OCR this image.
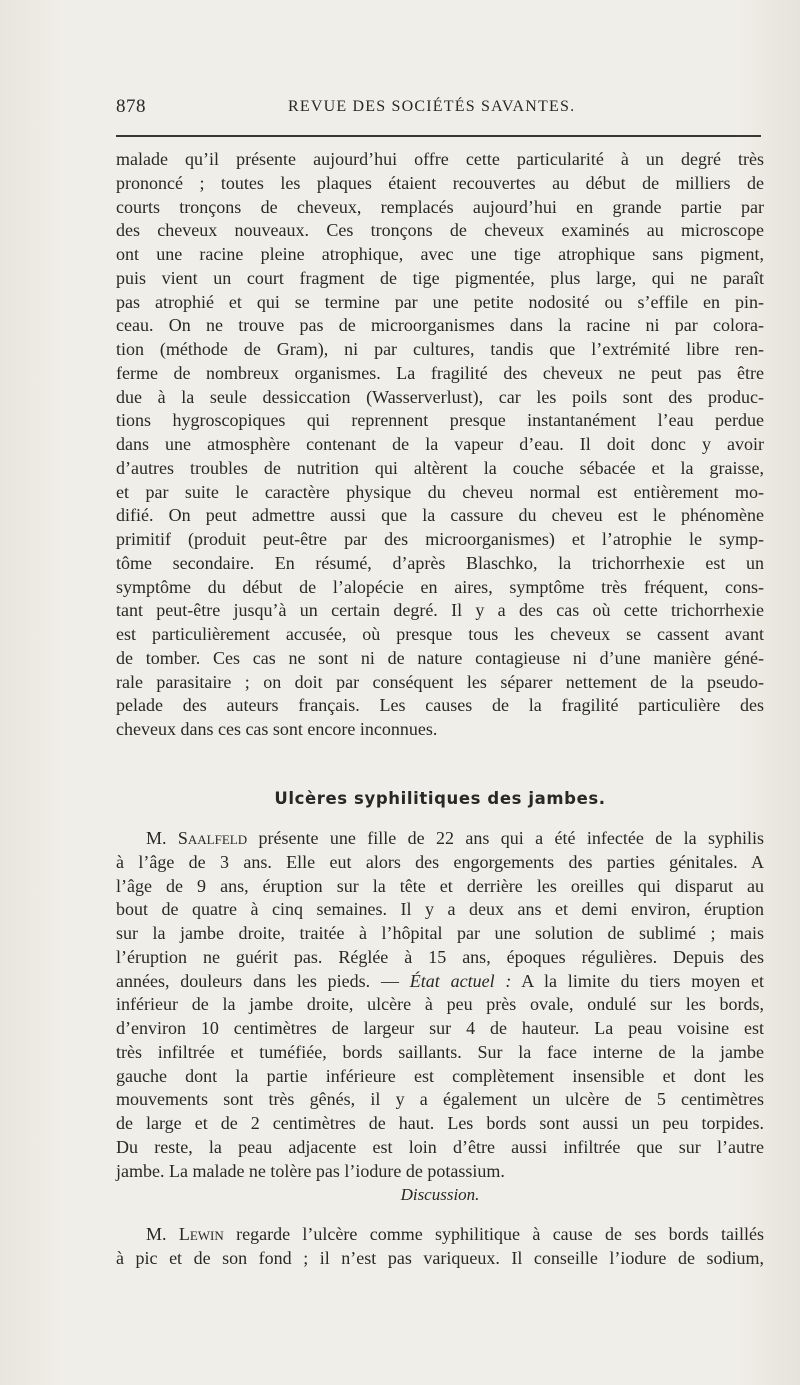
878	REVUE DES SOCIÉTÉS SAVANTES.
malade qu’il présente aujourd’hui offre cette particularité à un degré très
prononcé ; toutes les plaques étaient recouvertes au début de milliers de
courts tronçons de cheveux, remplacés aujourd’hui en grande partie par
des cheveux nouveaux. Ces tronçons de cheveux examinés au microscope
ont une racine pleine atrophique, avec une tige atrophique sans pigment,
puis vient un court fragment de tige pigmentée, plus large, qui ne paraît
pas atrophié et qui se termine par une petite nodosité ou s’effile en pin-
ceau. On ne trouve pas de microorganismes dans la racine ni par colora-
tion (méthode de Gram), ni par cultures, tandis que l’extrémité libre ren-
ferme de nombreux organismes. La fragilité des cheveux ne peut pas être
due à la seule dessiccation (Wasserverlust), car les poils sont des produc-
tions hygroscopiques qui reprennent presque instantanément l’eau perdue
dans une atmosphère contenant de la vapeur d’eau. Il doit donc y avoir
d’autres troubles de nutrition qui altèrent la couche sébacée et la graisse,
et par suite le caractère physique du cheveu normal est entièrement mo-
difié. On peut admettre aussi que la cassure du cheveu est le phénomène
primitif (produit peut-être par des microorganismes) et l’atrophie le symp-
tôme secondaire. En résumé, d’après Blaschko, la trichorrhexie est un
symptôme du début de l’alopécie en aires, symptôme très fréquent, cons-
tant peut-être jusqu’à un certain degré. Il y a des cas où cette trichorrhexie
est particulièrement accusée, où presque tous les cheveux se cassent avant
de tomber. Ces cas ne sont ni de nature contagieuse ni d’une manière géné-
rale parasitaire ; on doit par conséquent les séparer nettement de la pseudo-
pelade des auteurs français. Les causes de la fragilité particulière des
cheveux dans ces cas sont encore inconnues.
Ulcères syphilitiques des jambes.
M. Saalfeld présente une fille de 22 ans qui a été infectée de la syphilis
à l’âge de 3 ans. Elle eut alors des engorgements des parties génitales. A
l’âge de 9 ans, éruption sur la tête et derrière les oreilles qui disparut au
bout de quatre à cinq semaines. Il y a deux ans et demi environ, éruption
sur la jambe droite, traitée à l’hôpital par une solution de sublimé ; mais
l’éruption ne guérit pas. Réglée à 15 ans, époques régulières. Depuis des
années, douleurs dans les pieds. — État actuel : A la limite du tiers moyen et
inférieur de la jambe droite, ulcère à peu près ovale, ondulé sur les bords,
d’environ 10 centimètres de largeur sur 4 de hauteur. La peau voisine est
très infiltrée et tuméfiée, bords saillants. Sur la face interne de la jambe
gauche dont la partie inférieure est complètement insensible et dont les
mouvements sont très gênés, il y a également un ulcère de 5 centimètres
de large et de 2 centimètres de haut. Les bords sont aussi un peu torpides.
Du reste, la peau adjacente est loin d’être aussi infiltrée que sur l’autre
jambe. La malade ne tolère pas l’iodure de potassium.
Discussion.
M. Lewin regarde l’ulcère comme syphilitique à cause de ses bords taillés
à pic et de son fond ; il n’est pas variqueux. Il conseille l’iodure de sodium,
